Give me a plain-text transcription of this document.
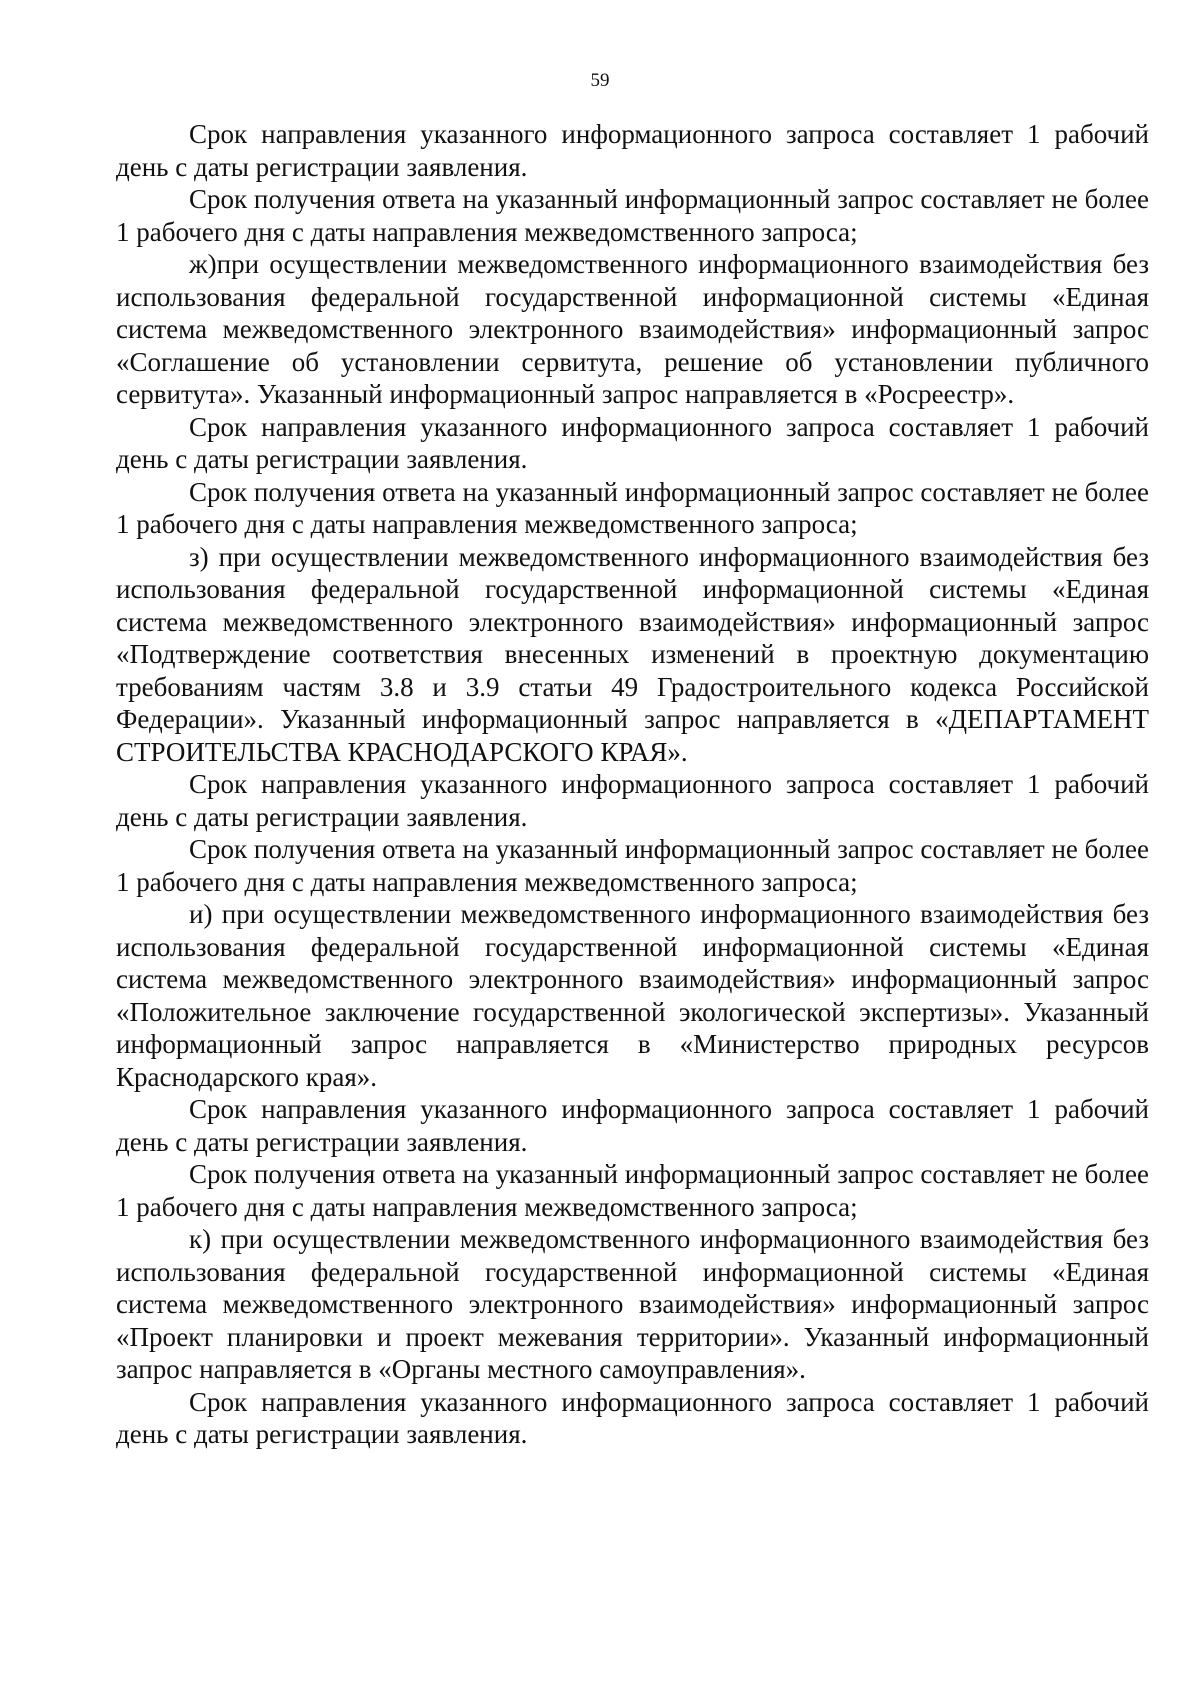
59

Срок направления указанного информационного запроса составляет 1 рабочий день с даты регистрации заявления.

Срок получения ответа на указанный информационный запрос составляет не более 1 рабочего дня с даты направления межведомственного запроса;

ж)при осуществлении межведомственного информационного взаимодействия без использования федеральной государственной информационной системы «Единая система межведомственного электронного взаимодействия» информационный запрос «Соглашение об установлении сервитута, решение об установлении публичного сервитута». Указанный информационный запрос направляется в «Росреестр».

Срок направления указанного информационного запроса составляет 1 рабочий день с даты регистрации заявления.

Срок получения ответа на указанный информационный запрос составляет не более 1 рабочего дня с даты направления межведомственного запроса;

з) при осуществлении межведомственного информационного взаимодействия без использования федеральной государственной информационной системы «Единая система межведомственного электронного взаимодействия» информационный запрос «Подтверждение соответствия внесенных изменений в проектную документацию требованиям частям 3.8 и 3.9 статьи 49 Градостроительного кодекса Российской Федерации». Указанный информационный запрос направляется в «ДЕПАРТАМЕНТ СТРОИТЕЛЬСТВА КРАСНОДАРСКОГО КРАЯ».

Срок направления указанного информационного запроса составляет 1 рабочий день с даты регистрации заявления.

Срок получения ответа на указанный информационный запрос составляет не более 1 рабочего дня с даты направления межведомственного запроса;

и) при осуществлении межведомственного информационного взаимодействия без использования федеральной государственной информационной системы «Единая система межведомственного электронного взаимодействия» информационный запрос «Положительное заключение государственной экологической экспертизы». Указанный информационный запрос направляется в «Министерство природных ресурсов Краснодарского края».

Срок направления указанного информационного запроса составляет 1 рабочий день с даты регистрации заявления.

Срок получения ответа на указанный информационный запрос составляет не более 1 рабочего дня с даты направления межведомственного запроса;

к) при осуществлении межведомственного информационного взаимодействия без использования федеральной государственной информационной системы «Единая система межведомственного электронного взаимодействия» информационный запрос «Проект планировки и проект межевания территории». Указанный информационный запрос направляется в «Органы местного самоуправления».

Срок направления указанного информационного запроса составляет 1 рабочий день с даты регистрации заявления.
